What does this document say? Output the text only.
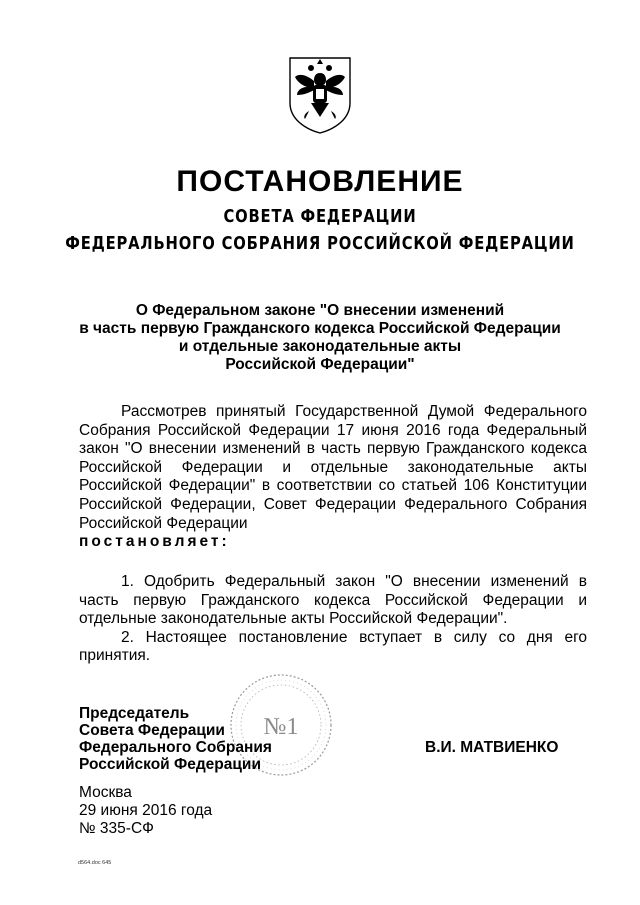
ПОСТАНОВЛЕНИЕ
СОВЕТА ФЕДЕРАЦИИ
ФЕДЕРАЛЬНОГО СОБРАНИЯ РОССИЙСКОЙ ФЕДЕРАЦИИ
О Федеральном законе "О внесении изменений
в часть первую Гражданского кодекса Российской Федерации
и отдельные законодательные акты
Российской Федерации"
Рассмотрев принятый Государственной Думой Федерального Собрания Российской Федерации 17 июня 2016 года Федеральный закон "О внесении изменений в часть первую Гражданского кодекса Российской Федерации и отдельные законодательные акты Российской Федерации" в соответствии со статьей 106 Конституции Российской Федерации, Совет Федерации Федерального Собрания Российской Федерации
постановляет:
1. Одобрить Федеральный закон "О внесении изменений в часть первую Гражданского кодекса Российской Федерации и отдельные законодательные акты Российской Федерации".
2. Настоящее постановление вступает в силу со дня его принятия.
№1
Председатель
Совета Федерации
Федерального Собрания
Российской Федерации
В.И. МАТВИЕНКО
Москва
29 июня 2016 года
№ 335-СФ
d564.doc 645
